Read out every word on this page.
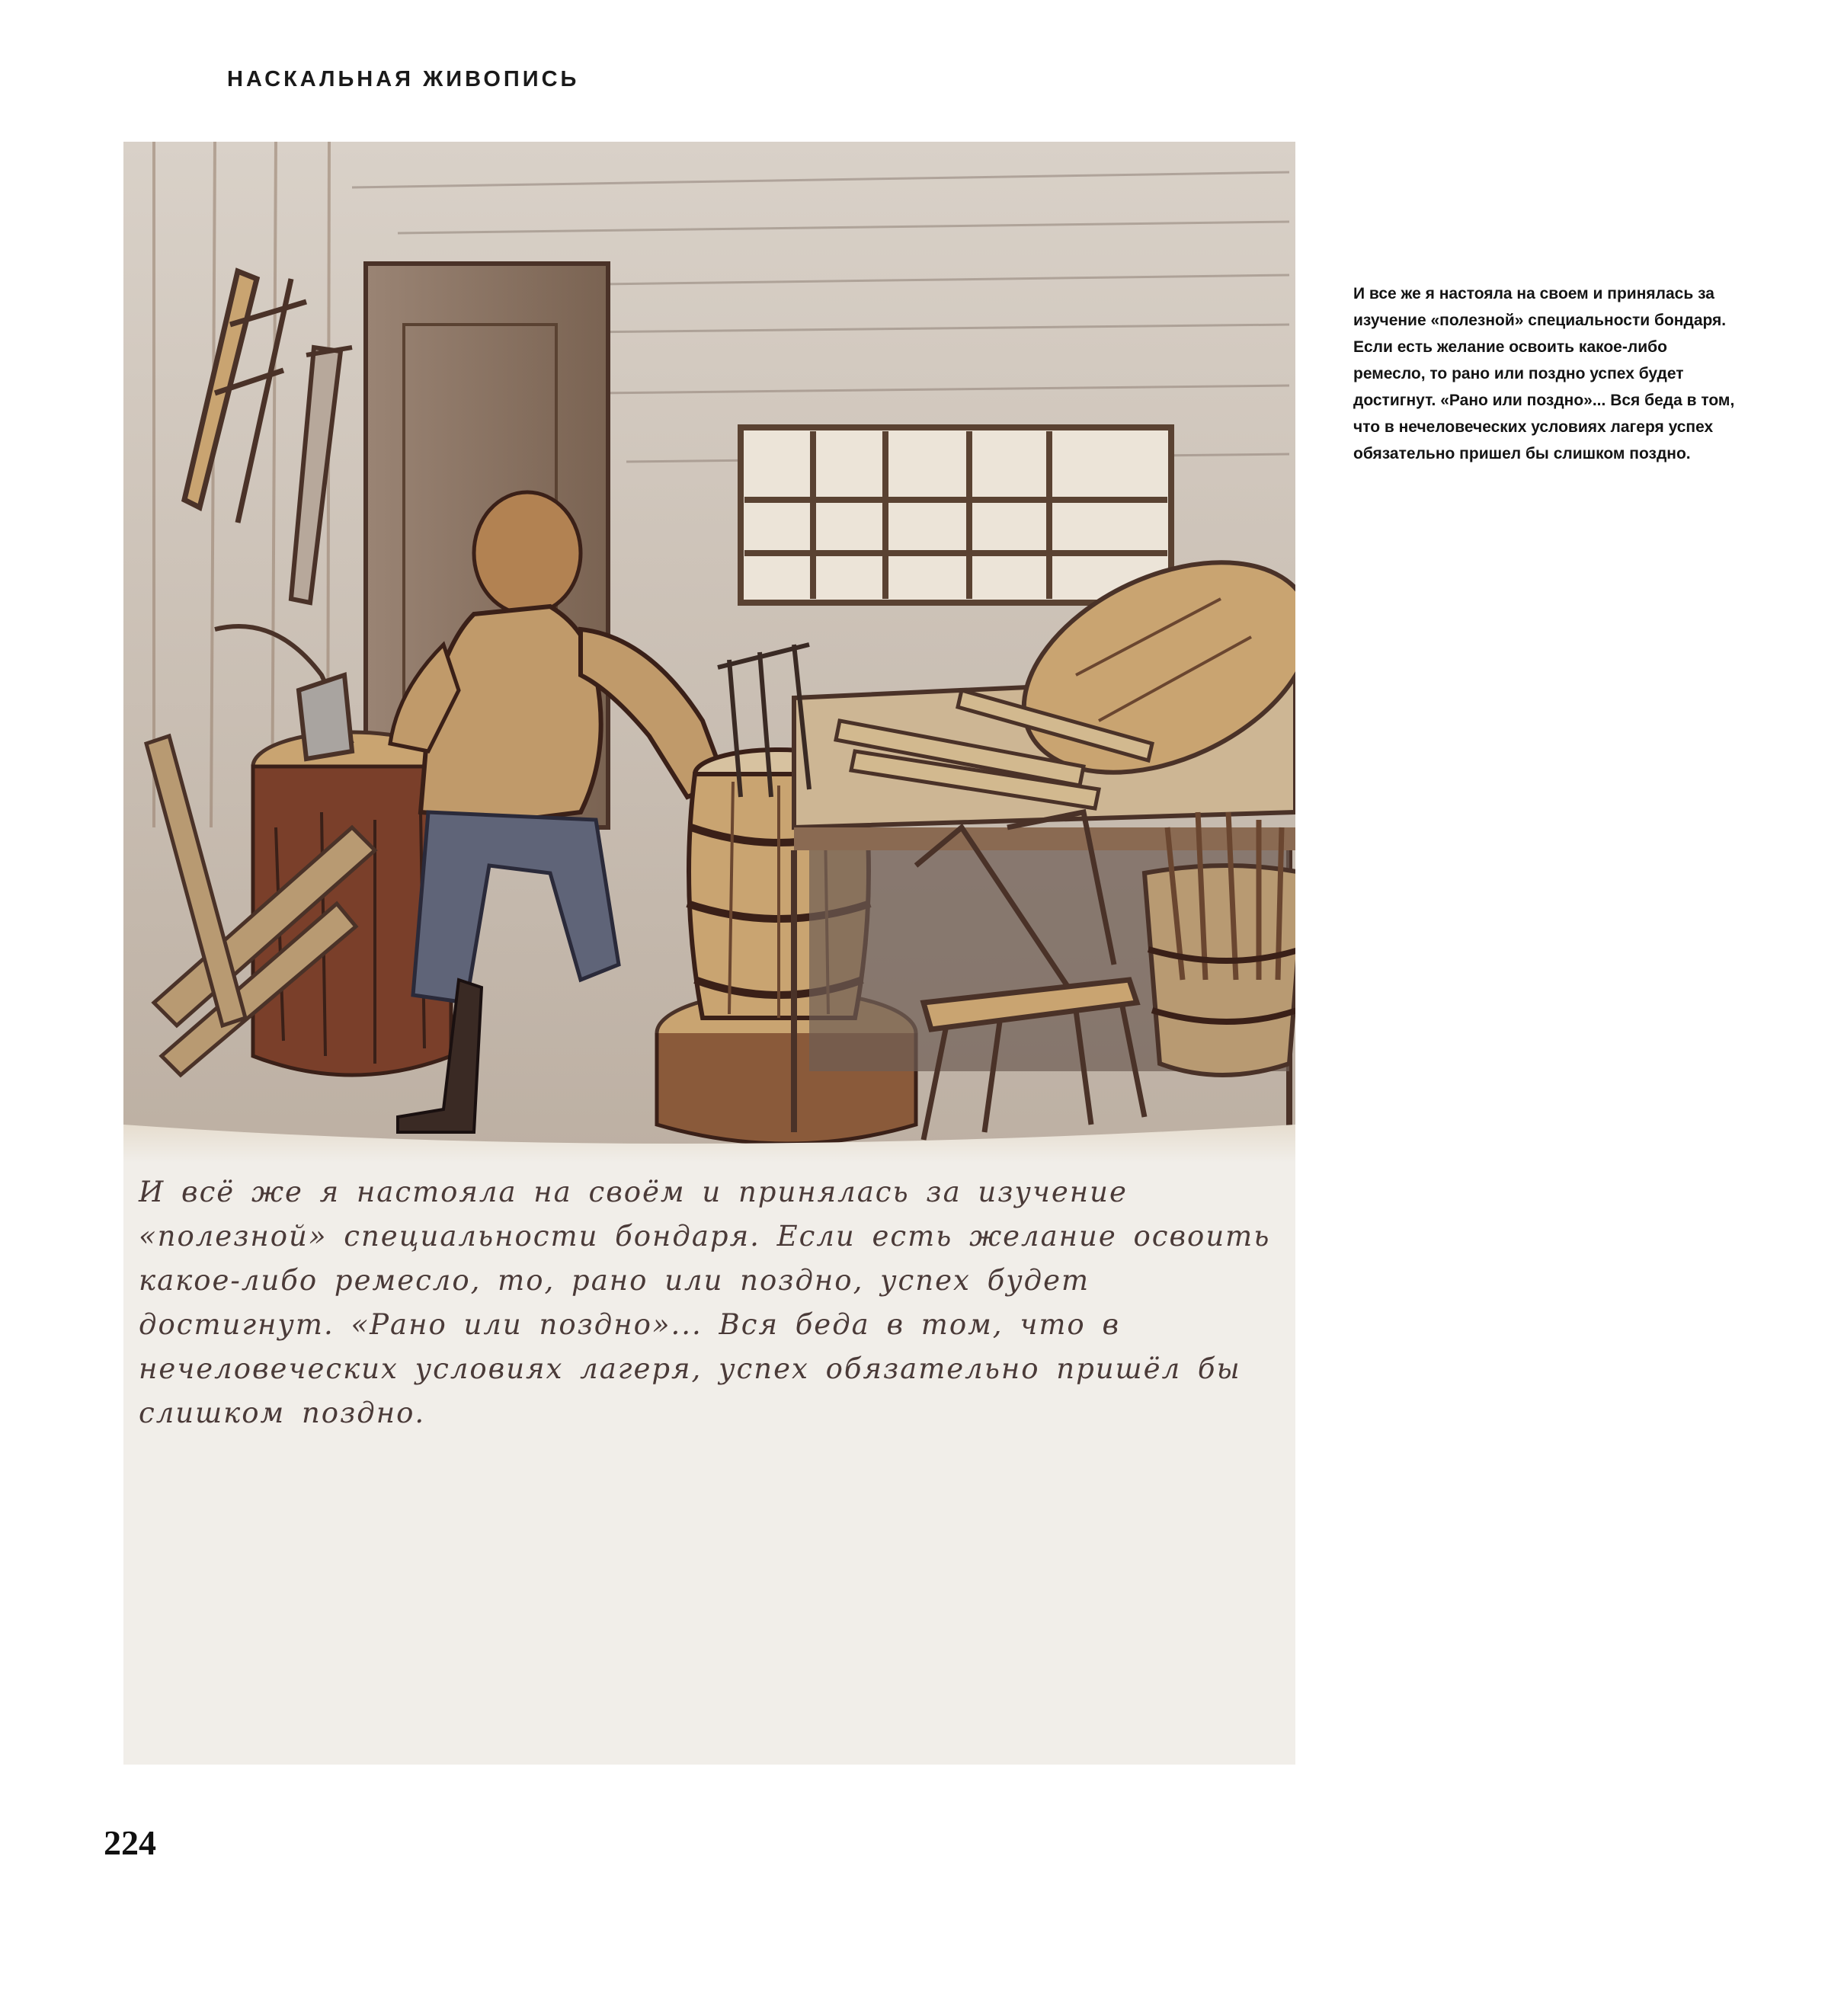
НАСКАЛЬНАЯ ЖИВОПИСЬ
И всё же я настояла на своём и принялась за изучение «полезной» специальности бондаря. Если есть желание освоить какое-либо ремесло, то, рано или поздно, успех будет достигнут. «Рано или поздно»... Вся беда в том, что в нечеловеческих условиях лагеря, успех обязательно пришёл бы слишком поздно.
И все же я настояла на своем и принялась за изучение «полезной» специальности бондаря. Если есть желание освоить какое-либо ремесло, то рано или поздно успех будет достигнут. «Рано или поздно»... Вся беда в том, что в нечеловеческих условиях лагеря успех обязательно пришел бы слишком поздно.
224
